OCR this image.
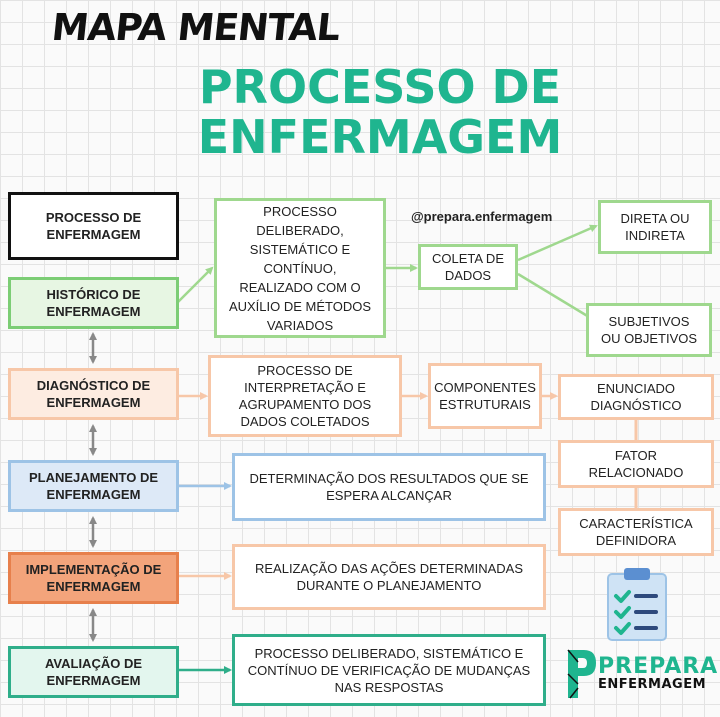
MAPA MENTAL
PROCESSO DE ENFERMAGEM
PROCESSO DE ENFERMAGEM
HISTÓRICO DE ENFERMAGEM
DIAGNÓSTICO DE ENFERMAGEM
PLANEJAMENTO DE ENFERMAGEM
IMPLEMENTAÇÃO DE ENFERMAGEM
AVALIAÇÃO DE ENFERMAGEM
PROCESSO DELIBERADO, SISTEMÁTICO E CONTÍNUO, REALIZADO COM O AUXÍLIO DE MÉTODOS VARIADOS

@prepara.enfermagem

COLETA DE DADOS
DIRETA OU INDIRETA
SUBJETIVOS OU OBJETIVOS
PROCESSO DE INTERPRETAÇÃO E AGRUPAMENTO DOS DADOS COLETADOS
COMPONENTES ESTRUTURAIS
ENUNCIADO DIAGNÓSTICO
FATOR RELACIONADO
CARACTERÍSTICA DEFINIDORA
DETERMINAÇÃO DOS RESULTADOS QUE SE ESPERA ALCANÇAR
REALIZAÇÃO DAS AÇÕES DETERMINADAS DURANTE O PLANEJAMENTO
PROCESSO DELIBERADO, SISTEMÁTICO E CONTÍNUO DE VERIFICAÇÃO DE MUDANÇAS NAS RESPOSTAS
PREPARA
ENFERMAGEM
